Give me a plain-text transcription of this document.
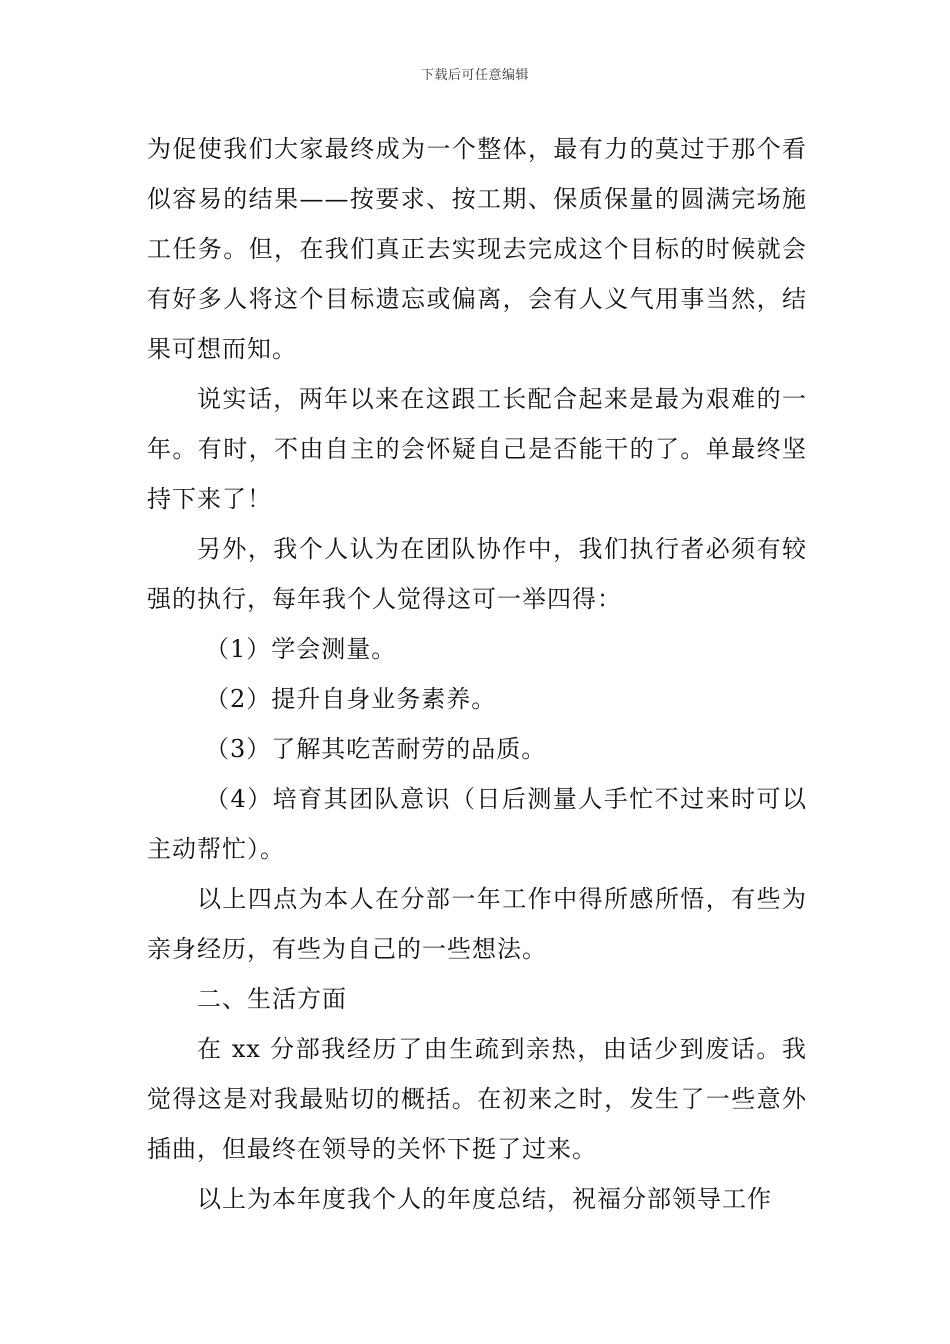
下载后可任意编辑

为促使我们大家最终成为一个整体，最有力的莫过于那个看似容易的结果——按要求、按工期、保质保量的圆满完场施工任务。但，在我们真正去实现去完成这个目标的时候就会有好多人将这个目标遗忘或偏离，会有人义气用事当然，结果可想而知。

说实话，两年以来在这跟工长配合起来是最为艰难的一年。有时，不由自主的会怀疑自己是否能干的了。单最终坚持下来了！

另外，我个人认为在团队协作中，我们执行者必须有较强的执行，每年我个人觉得这可一举四得：

（1）学会测量。

（2）提升自身业务素养。

（3）了解其吃苦耐劳的品质。

（4）培育其团队意识（日后测量人手忙不过来时可以主动帮忙）。

以上四点为本人在分部一年工作中得所感所悟，有些为亲身经历，有些为自己的一些想法。

二、生活方面

在 xx 分部我经历了由生疏到亲热，由话少到废话。我觉得这是对我最贴切的概括。在初来之时，发生了一些意外插曲，但最终在领导的关怀下挺了过来。

以上为本年度我个人的年度总结，祝福分部领导工作
